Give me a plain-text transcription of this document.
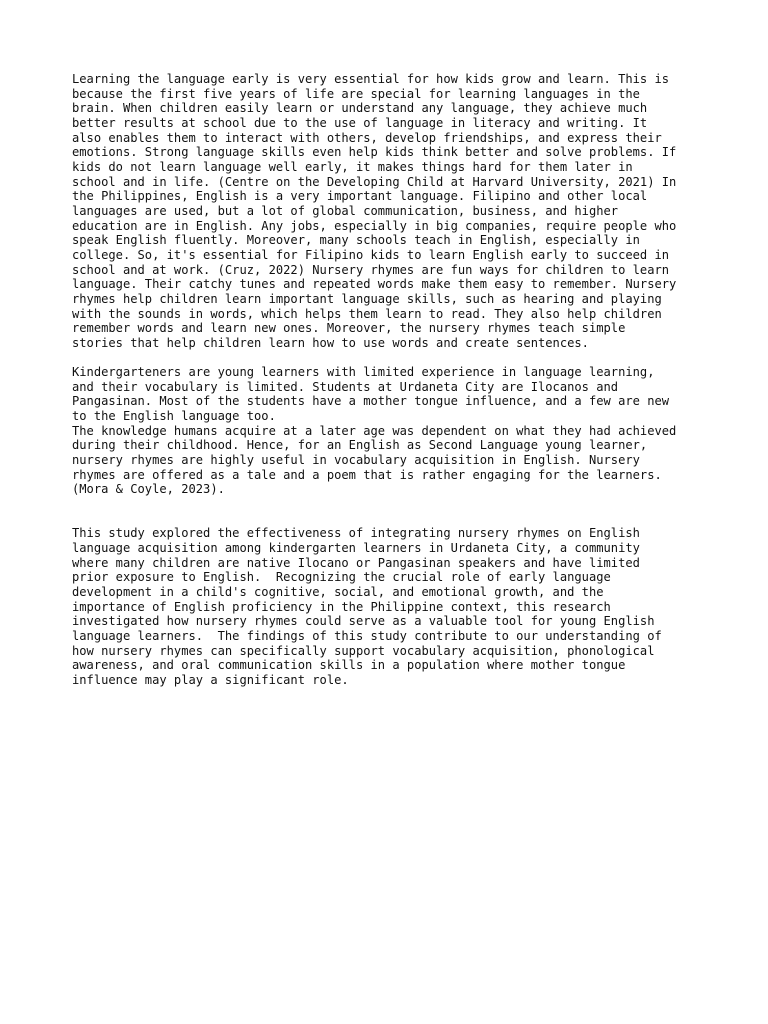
Learning the language early is very essential for how kids grow and learn. This is
because the first five years of life are special for learning languages in the
brain. When children easily learn or understand any language, they achieve much
better results at school due to the use of language in literacy and writing. It
also enables them to interact with others, develop friendships, and express their
emotions. Strong language skills even help kids think better and solve problems. If
kids do not learn language well early, it makes things hard for them later in
school and in life. (Centre on the Developing Child at Harvard University, 2021) In
the Philippines, English is a very important language. Filipino and other local
languages are used, but a lot of global communication, business, and higher
education are in English. Any jobs, especially in big companies, require people who
speak English fluently. Moreover, many schools teach in English, especially in
college. So, it's essential for Filipino kids to learn English early to succeed in
school and at work. (Cruz, 2022) Nursery rhymes are fun ways for children to learn
language. Their catchy tunes and repeated words make them easy to remember. Nursery
rhymes help children learn important language skills, such as hearing and playing
with the sounds in words, which helps them learn to read. They also help children
remember words and learn new ones. Moreover, the nursery rhymes teach simple
stories that help children learn how to use words and create sentences.

Kindergarteners are young learners with limited experience in language learning,
and their vocabulary is limited. Students at Urdaneta City are Ilocanos and
Pangasinan. Most of the students have a mother tongue influence, and a few are new
to the English language too.
The knowledge humans acquire at a later age was dependent on what they had achieved
during their childhood. Hence, for an English as Second Language young learner,
nursery rhymes are highly useful in vocabulary acquisition in English. Nursery
rhymes are offered as a tale and a poem that is rather engaging for the learners.
(Mora & Coyle, 2023).

This study explored the effectiveness of integrating nursery rhymes on English
language acquisition among kindergarten learners in Urdaneta City, a community
where many children are native Ilocano or Pangasinan speakers and have limited
prior exposure to English.  Recognizing the crucial role of early language
development in a child's cognitive, social, and emotional growth, and the
importance of English proficiency in the Philippine context, this research
investigated how nursery rhymes could serve as a valuable tool for young English
language learners.  The findings of this study contribute to our understanding of
how nursery rhymes can specifically support vocabulary acquisition, phonological
awareness, and oral communication skills in a population where mother tongue
influence may play a significant role.
